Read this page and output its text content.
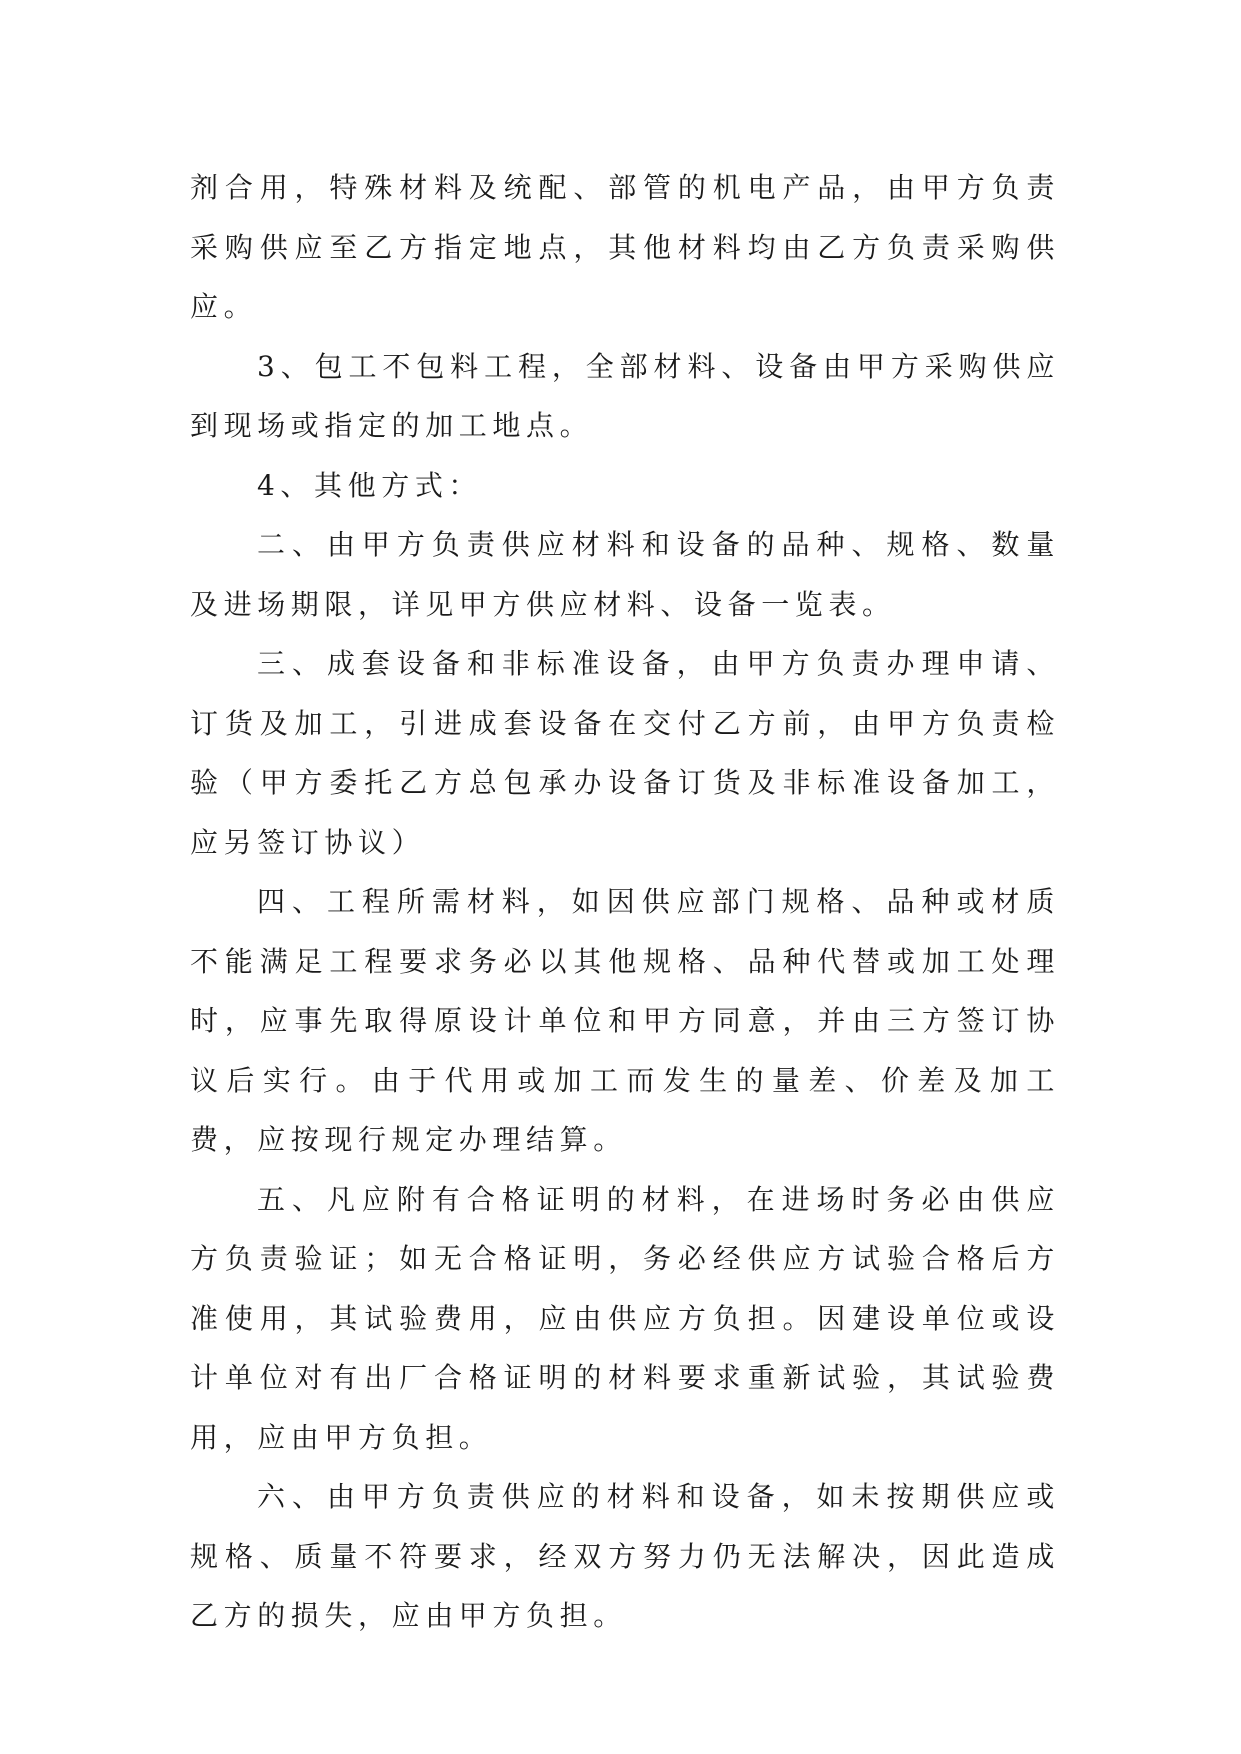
剂合用，特殊材料及统配、部管的机电产品，由甲方负责采购供应至乙方指定地点，其他材料均由乙方负责采购供应。

3、包工不包料工程，全部材料、设备由甲方采购供应到现场或指定的加工地点。

4、其他方式：

二、由甲方负责供应材料和设备的品种、规格、数量及进场期限，详见甲方供应材料、设备一览表。

三、成套设备和非标准设备，由甲方负责办理申请、订货及加工，引进成套设备在交付乙方前，由甲方负责检验（甲方委托乙方总包承办设备订货及非标准设备加工，应另签订协议）

四、工程所需材料，如因供应部门规格、品种或材质不能满足工程要求务必以其他规格、品种代替或加工处理时，应事先取得原设计单位和甲方同意，并由三方签订协议后实行。由于代用或加工而发生的量差、价差及加工费，应按现行规定办理结算。

五、凡应附有合格证明的材料，在进场时务必由供应方负责验证；如无合格证明，务必经供应方试验合格后方准使用，其试验费用，应由供应方负担。因建设单位或设计单位对有出厂合格证明的材料要求重新试验，其试验费用，应由甲方负担。

六、由甲方负责供应的材料和设备，如未按期供应或规格、质量不符要求，经双方努力仍无法解决，因此造成乙方的损失，应由甲方负担。
